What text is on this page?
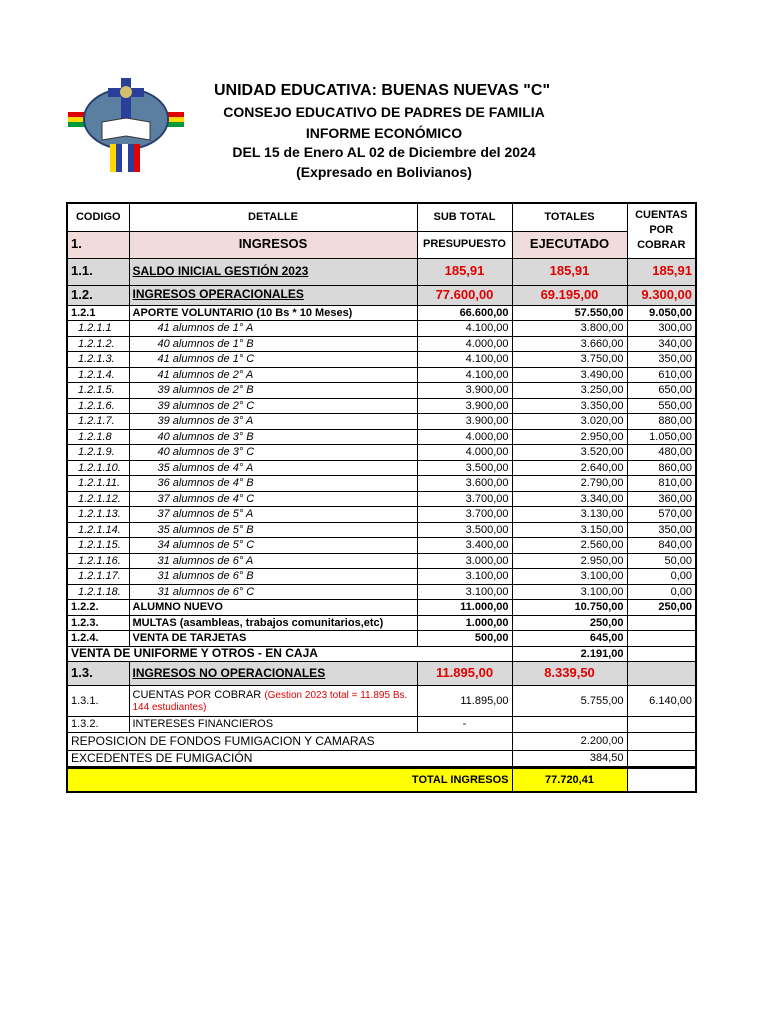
UNIDAD EDUCATIVA: BUENAS NUEVAS "C"
CONSEJO EDUCATIVO DE PADRES DE FAMILIA
INFORME ECONÓMICO
DEL 15 de Enero AL 02 de Diciembre del 2024
(Expresado en Bolivianos)
CODIGO	DETALLE	SUB TOTAL	TOTALES	CUENTAS POR COBRAR
1.	INGRESOS	PRESUPUESTO	EJECUTADO	
1.1.	SALDO INICIAL GESTIÓN 2023	185,91	185,91	185,91
1.2.	INGRESOS OPERACIONALES	77.600,00	69.195,00	9.300,00
1.2.1	APORTE VOLUNTARIO (10 Bs * 10 Meses)	66.600,00	57.550,00	9.050,00
1.2.1.1	41 alumnos de 1° A	4.100,00	3.800,00	300,00
1.2.1.2.	40 alumnos de 1° B	4.000,00	3.660,00	340,00
1.2.1.3.	41 alumnos de 1° C	4.100,00	3.750,00	350,00
1.2.1.4.	41 alumnos de 2° A	4.100,00	3.490,00	610,00
1.2.1.5.	39 alumnos de 2° B	3.900,00	3.250,00	650,00
1.2.1.6.	39 alumnos de 2° C	3.900,00	3.350,00	550,00
1.2.1.7.	39 alumnos de 3° A	3.900,00	3.020,00	880,00
1.2.1.8	40 alumnos de 3° B	4.000,00	2.950,00	1.050,00
1.2.1.9.	40 alumnos de 3° C	4.000,00	3.520,00	480,00
1.2.1.10.	35 alumnos de 4° A	3.500,00	2.640,00	860,00
1.2.1.11.	36 alumnos de 4° B	3.600,00	2.790,00	810,00
1.2.1.12.	37 alumnos de 4° C	3.700,00	3.340,00	360,00
1.2.1.13.	37 alumnos de 5° A	3.700,00	3.130,00	570,00
1.2.1.14.	35 alumnos de 5° B	3.500,00	3.150,00	350,00
1.2.1.15.	34 alumnos de 5° C	3.400,00	2.560,00	840,00
1.2.1.16.	31 alumnos de 6° A	3.000,00	2.950,00	50,00
1.2.1.17.	31 alumnos de 6° B	3.100,00	3.100,00	0,00
1.2.1.18.	31 alumnos de 6° C	3.100,00	3.100,00	0,00
1.2.2.	ALUMNO NUEVO	11.000,00	10.750,00	250,00
1.2.3.	MULTAS (asambleas, trabajos comunitarios,etc)	1.000,00	250,00	
1.2.4.	VENTA DE TARJETAS	500,00	645,00	
VENTA DE UNIFORME Y OTROS - EN CAJA			2.191,00	
1.3.	INGRESOS NO OPERACIONALES	11.895,00	8.339,50	
1.3.1.	CUENTAS POR COBRAR (Gestion 2023 total = 11.895 Bs. 144 estudiantes)	11.895,00	5.755,00	6.140,00
1.3.2.	INTERESES FINANCIEROS	-		
REPOSICION DE FONDOS FUMIGACION Y CAMARAS			2.200,00	
EXCEDENTES DE FUMIGACIÓN			384,50	
TOTAL INGRESOS			77.720,41	
